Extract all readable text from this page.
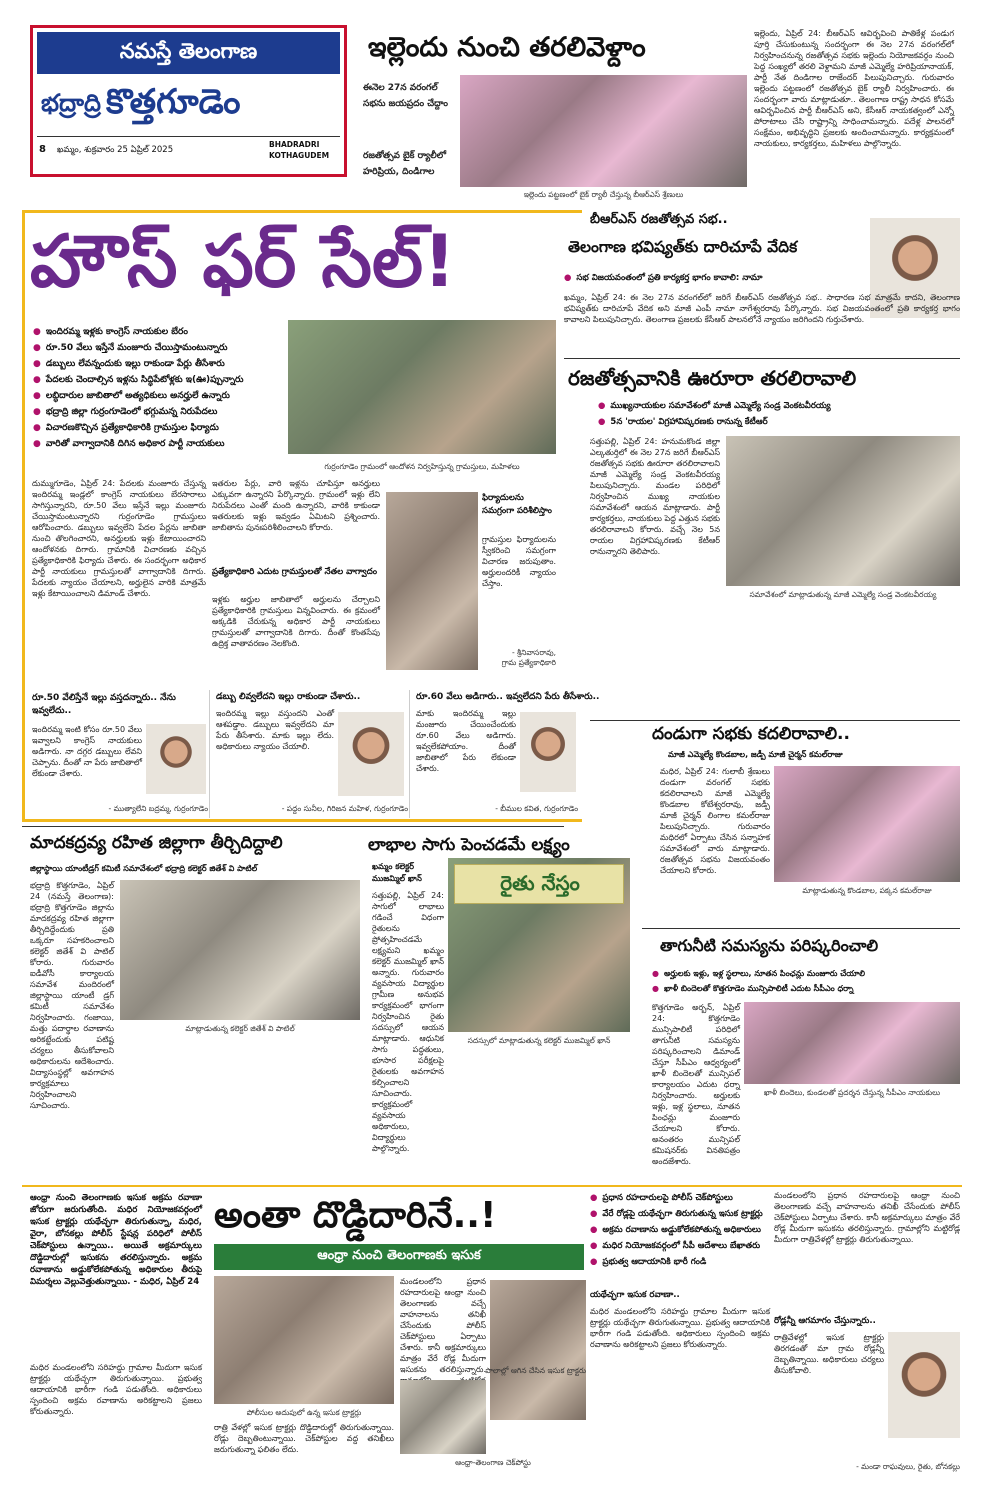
నమస్తే తెలంగాణ
భద్రాద్రి కొత్తగూడెం
8 ఖమ్మం, శుక్రవారం 25 ఏప్రిల్ 2025
BHADRADRI
KOTHAGUDEM
ఇల్లెందు నుంచి తరలివెళ్దాం
ఈనెల 27న వరంగల్ సభను జయప్రదం చేద్దాం
రజతోత్సవ బైక్ ర్యాలీలో హరిప్రియ, దిండిగాల
ఇల్లెందు పట్టణంలో బైక్ ర్యాలీ చేస్తున్న బీఆర్ఎస్ శ్రేణులు
ఇల్లెందు, ఏప్రిల్ 24: బీఆర్ఎస్ ఆవిర్భవించి పాతికేళ్ల పండుగ పూర్తి చేసుకుంటున్న సందర్భంగా ఈ నెల 27న వరంగల్‌లో నిర్వహించనున్న రజతోత్సవ సభకు ఇల్లెందు నియోజకవర్గం నుంచి పెద్ద సంఖ్యలో తరలి వెళ్దామని మాజీ ఎమ్మెల్యే హరిప్రియానాయక్, పార్టీ నేత దిండిగాల రాజేందర్ పిలుపునిచ్చారు. గురువారం ఇల్లెందు పట్టణంలో రజతోత్సవ బైక్ ర్యాలీ నిర్వహించారు. ఈ సందర్భంగా వారు మాట్లాడుతూ.. తెలంగాణ రాష్ట్ర సాధన కోసమే ఆవిర్భవించిన పార్టీ బీఆర్ఎస్ అని, కేసీఆర్ నాయకత్వంలో ఎన్నో పోరాటాలు చేసి రాష్ట్రాన్ని సాధించామన్నారు. పదేళ్ల పాలనలో సంక్షేమం, అభివృద్ధిని ప్రజలకు అందించామన్నారు. కార్యక్రమంలో నాయకులు, కార్యకర్తలు, మహిళలు పాల్గొన్నారు.
హౌస్ ఫర్ సేల్!
● ఇందిరమ్మ ఇళ్లకు కాంగ్రెస్ నాయకుల బేరం
● రూ.50 వేలు ఇస్తేనే మంజూరు చేయిస్తామంటున్నారు
● డబ్బులు లేవన్నందుకు ఇల్లు రాకుండా పేర్లు తీసేశారు
● పేదలకు చెందాల్సిన ఇళ్లను సిద్ధిపేటోళ్లకు ఇ(ఊ)ప్పున్నారు
● లబ్ధిదారుల జాబితాలో అత్యధికులు అనర్హులే ఉన్నారు
● భద్రాద్రి జిల్లా గుర్రంగూడెంలో భగ్గుమన్న నిరుపేదలు
● విచారణకొచ్చిన ప్రత్యేకాధికారికి గ్రామస్తుల ఫిర్యాదు
● వారితో వాగ్వాదానికి దిగిన అధికార పార్టీ నాయకులు
గుర్రంగూడెం గ్రామంలో ఆందోళన నిర్వహిస్తున్న గ్రామస్తులు, మహిళలు
దుమ్ముగూడెం, ఏప్రిల్ 24: పేదలకు మంజూరు చేస్తున్న ఇందిరమ్మ ఇండ్లలో కాంగ్రెస్ నాయకులు బేరసారాలు సాగిస్తున్నారని, రూ.50 వేలు ఇస్తేనే ఇల్లు మంజూరు చేయిస్తామంటున్నారని గుర్రంగూడెం గ్రామస్తులు ఆరోపించారు. డబ్బులు ఇవ్వలేని పేదల పేర్లను జాబితా నుంచి తొలగించారని, అనర్హులకు ఇళ్లు కేటాయించారని ఆందోళనకు దిగారు. గ్రామానికి విచారణకు వచ్చిన ప్రత్యేకాధికారికి ఫిర్యాదు చేశారు. ఈ సందర్భంగా అధికార పార్టీ నాయకులు గ్రామస్తులతో వాగ్వాదానికి దిగారు. పేదలకు న్యాయం చేయాలని, అర్హులైన వారికి మాత్రమే ఇళ్లు కేటాయించాలని డిమాండ్ చేశారు.
ఇతరుల పేర్లు, వారి ఇళ్లను చూపిస్తూ అనర్హులు ఎక్కువగా ఉన్నారని పేర్కొన్నారు. గ్రామంలో ఇళ్లు లేని నిరుపేదలు ఎంతో మంది ఉన్నారని, వారికి కాకుండా ఇతరులకు ఇళ్లు ఇవ్వడం ఏమిటని ప్రశ్నించారు. జాబితాను పునఃపరిశీలించాలని కోరారు.
ప్రత్యేకాధికారి ఎదుట గ్రామస్తులతో నేతల వాగ్వాదం
ఇళ్లకు అర్హుల జాబితాలో అర్హులను చేర్చాలని ప్రత్యేకాధికారికి గ్రామస్తులు విన్నవించారు. ఈ క్రమంలో అక్కడికి చేరుకున్న అధికార పార్టీ నాయకులు గ్రామస్తులతో వాగ్వాదానికి దిగారు. దీంతో కొంతసేపు ఉద్రిక్త వాతావరణం నెలకొంది.
ఫిర్యాదులను సమగ్రంగా పరిశీలిస్తాం
గ్రామస్తుల ఫిర్యాదులను స్వీకరించి సమగ్రంగా విచారణ జరుపుతాం. అర్హులందరికీ న్యాయం చేస్తాం.
- శ్రీనివాసరావు,
గ్రామ ప్రత్యేకాధికారి
రూ.50 వేలిస్తేనే ఇల్లు వస్తదన్నారు.. నేను ఇవ్వలేదు..
ఇందిరమ్మ ఇంటి కోసం రూ.50 వేలు ఇవ్వాలని కాంగ్రెస్ నాయకులు అడిగారు. నా దగ్గర డబ్బులు లేవని చెప్పాను. దీంతో నా పేరు జాబితాలో లేకుండా చేశారు.
- ముత్యాలేని బద్రమ్మ, గుర్రంగూడెం
డబ్బు లివ్వలేదని ఇల్లు రాకుండా చేశారు..
ఇందిరమ్మ ఇల్లు వస్తుందని ఎంతో ఆశపడ్డాం. డబ్బులు ఇవ్వలేదని మా పేరు తీసేశారు. మాకు ఇల్లు లేదు. అధికారులు న్యాయం చేయాలి.
- పద్దం సునీల, గిరిజన మహిళ, గుర్రంగూడెం
రూ.60 వేలు అడిగారు.. ఇవ్వలేదని పేరు తీసేశారు..
మాకు ఇందిరమ్మ ఇల్లు మంజూరు చేయించేందుకు రూ.60 వేలు అడిగారు. ఇవ్వలేకపోయాం. దీంతో జాబితాలో పేరు లేకుండా చేశారు.
- బీముల కవిత, గుర్రంగూడెం
బీఆర్ఎస్ రజతోత్సవ సభ..
తెలంగాణ భవిష్యత్‌కు దారిచూపే వేదిక
● సభ విజయవంతంలో ప్రతి కార్యకర్త భాగం కావాలి: నామా
ఖమ్మం, ఏప్రిల్ 24: ఈ నెల 27న వరంగల్‌లో జరిగే బీఆర్ఎస్ రజతోత్సవ సభ.. సాధారణ సభ మాత్రమే కాదని, తెలంగాణ భవిష్యత్‌కు దారిచూపే వేదిక అని మాజీ ఎంపీ నామా నాగేశ్వరరావు పేర్కొన్నారు. సభ విజయవంతంలో ప్రతి కార్యకర్త భాగం కావాలని పిలుపునిచ్చారు. తెలంగాణ ప్రజలకు కేసీఆర్ పాలనలోనే న్యాయం జరిగిందని గుర్తుచేశారు.
రజతోత్సవానికి ఊరూరా తరలిరావాలి
● ముఖ్యనాయకుల సమావేశంలో మాజీ ఎమ్మెల్యే సండ్ర వెంకటవీరయ్య
● 5న 'రాయల' విగ్రహావిష్కరణకు రానున్న కేటీఆర్
సత్తుపల్లి, ఏప్రిల్ 24: హనుమకొండ జిల్లా ఎల్కతుర్తిలో ఈ నెల 27న జరిగే బీఆర్ఎస్ రజతోత్సవ సభకు ఊరూరా తరలిరావాలని మాజీ ఎమ్మెల్యే సండ్ర వెంకటవీరయ్య పిలుపునిచ్చారు. మండల పరిధిలో నిర్వహించిన ముఖ్య నాయకుల సమావేశంలో ఆయన మాట్లాడారు. పార్టీ కార్యకర్తలు, నాయకులు పెద్ద ఎత్తున సభకు తరలిరావాలని కోరారు. వచ్చే నెల 5న రాయల విగ్రహావిష్కరణకు కేటీఆర్ రానున్నారని తెలిపారు.
సమావేశంలో మాట్లాడుతున్న మాజీ ఎమ్మెల్యే సండ్ర వెంకటవీరయ్య
దండుగా సభకు కదలిరావాలి..
మాజీ ఎమ్మెల్యే కొండబాల, జడ్పీ మాజీ చైర్మన్ కమల్‌రాజు
మధిర, ఏప్రిల్ 24: గులాబీ శ్రేణులు దండుగా వరంగల్ సభకు కదలిరావాలని మాజీ ఎమ్మెల్యే కొండబాల కోటేశ్వరరావు, జడ్పీ మాజీ చైర్మన్ లింగాల కమల్‌రాజు పిలుపునిచ్చారు. గురువారం మధిరలో ఏర్పాటు చేసిన సన్నాహక సమావేశంలో వారు మాట్లాడారు. రజతోత్సవ సభను విజయవంతం చేయాలని కోరారు.
మాట్లాడుతున్న కొండబాల, పక్కన కమల్‌రాజు
మాదకద్రవ్య రహిత జిల్లాగా తీర్చిదిద్దాలి
జిల్లాస్థాయి యాంటీడ్రగ్ కమిటీ సమావేశంలో భద్రాద్రి కలెక్టర్ జితేశ్ వి పాటిల్
భద్రాద్రి కొత్తగూడెం, ఏప్రిల్ 24 (నమస్తే తెలంగాణ): భద్రాద్రి కొత్తగూడెం జిల్లాను మాదకద్రవ్య రహిత జిల్లాగా తీర్చిదిద్దేందుకు ప్రతి ఒక్కరూ సహకరించాలని కలెక్టర్ జితేశ్ వి పాటిల్ కోరారు. గురువారం ఐడీవోసీ కార్యాలయ సమావేశ మందిరంలో జిల్లాస్థాయి యాంటీ డ్రగ్ కమిటీ సమావేశం నిర్వహించారు. గంజాయి, మత్తు పదార్థాల రవాణాను అరికట్టేందుకు పటిష్ట చర్యలు తీసుకోవాలని అధికారులను ఆదేశించారు. విద్యాసంస్థల్లో అవగాహన కార్యక్రమాలు నిర్వహించాలని సూచించారు.
మాట్లాడుతున్న కలెక్టర్ జితేశ్ వి పాటిల్
లాభాల సాగు పెంచడమే లక్ష్యం
ఖమ్మం కలెక్టర్
ముజమ్మిల్ ఖాన్
సత్తుపల్లి, ఏప్రిల్ 24: సాగులో లాభాలు గడించే విధంగా రైతులను ప్రోత్సహించడమే లక్ష్యమని ఖమ్మం కలెక్టర్ ముజమ్మిల్ ఖాన్ అన్నారు. గురువారం వ్యవసాయ విద్యార్థుల గ్రామీణ అనుభవ కార్యక్రమంలో భాగంగా నిర్వహించిన రైతు సదస్సులో ఆయన మాట్లాడారు. ఆధునిక సాగు పద్ధతులు, భూసార పరీక్షలపై రైతులకు అవగాహన కల్పించాలని సూచించారు. కార్యక్రమంలో వ్యవసాయ అధికారులు, విద్యార్థులు పాల్గొన్నారు.
రైతు నేస్తం
సదస్సులో మాట్లాడుతున్న కలెక్టర్ ముజమ్మిల్ ఖాన్
తాగునీటి సమస్యను పరిష్కరించాలి
● అర్హులకు ఇళ్లు, ఇళ్ల స్థలాలు, నూతన పింఛన్లు మంజూరు చేయాలి
● ఖాళీ బిందెలతో కొత్తగూడెం మున్సిపాలిటీ ఎదుట సీపీఎం ధర్నా
కొత్తగూడెం అర్బన్, ఏప్రిల్ 24: కొత్తగూడెం మున్సిపాలిటీ పరిధిలో తాగునీటి సమస్యను పరిష్కరించాలని డిమాండ్ చేస్తూ సీపీఎం ఆధ్వర్యంలో ఖాళీ బిందెలతో మున్సిపల్ కార్యాలయం ఎదుట ధర్నా నిర్వహించారు. అర్హులకు ఇళ్లు, ఇళ్ల స్థలాలు, నూతన పింఛన్లు మంజూరు చేయాలని కోరారు. అనంతరం మున్సిపల్ కమిషనర్‌కు వినతిపత్రం అందజేశారు.
ఖాళీ బిందెలు, కుండలతో ప్రదర్శన చేస్తున్న సీపీఎం నాయకులు
ఆంధ్రా నుంచి తెలంగాణకు ఇసుక అక్రమ రవాణా జోరుగా జరుగుతోంది. మధిర నియోజకవర్గంలో ఇసుక ట్రాక్టర్లు యథేచ్ఛగా తిరుగుతున్నా, మధిర, వైరా, బోనకల్లు పోలీస్ స్టేషన్ల పరిధిలో పోలీస్ చెక్‌పోస్టులు ఉన్నాయి.. అయితే అక్రమార్కులు దొడ్డిదారుల్లో ఇసుకను తరలిస్తున్నారు. అక్రమ రవాణాను అడ్డుకోలేకపోతున్న అధికారుల తీరుపై విమర్శలు వెల్లువెత్తుతున్నాయి. - మధిర, ఏప్రిల్ 24
అంతా దొడ్డిదారినే..!
ఆంధ్రా నుంచి తెలంగాణకు ఇసుక
● ప్రధాన రహదారులపై పోలీస్ చెక్‌పోస్టులు
● వేరే రోడ్లపై యథేచ్ఛగా తిరుగుతున్న ఇసుక ట్రాక్టర్లు
● అక్రమ రవాణాను అడ్డుకోలేకపోతున్న అధికారులు
● మధిర నియోజకవర్గంలో సీపీ ఆదేశాలు బేఖాతరు
● ప్రభుత్వ ఆదాయానికి భారీ గండి
మండలంలోని ప్రధాన రహదారులపై ఆంధ్రా నుంచి తెలంగాణకు వచ్చే వాహనాలను తనిఖీ చేసేందుకు పోలీస్ చెక్‌పోస్టులు ఏర్పాటు చేశారు. కానీ అక్రమార్కులు మాత్రం వేరే రోడ్ల మీదుగా ఇసుకను తరలిస్తున్నారు. గ్రామాల్లోని మట్టిరోడ్ల మీదుగా రాత్రివేళల్లో ట్రాక్టర్లు తిరుగుతున్నాయి.
పోలీసుల అదుపులో ఉన్న ఇసుక ట్రాక్టర్లు
మధిర మండలంలోని సరిహద్దు గ్రామాల మీదుగా ఇసుక ట్రాక్టర్లు యథేచ్ఛగా తిరుగుతున్నాయి. ప్రభుత్వ ఆదాయానికి భారీగా గండి పడుతోంది. అధికారులు స్పందించి అక్రమ రవాణాను అరికట్టాలని ప్రజలు కోరుతున్నారు.
రాత్రి వేళల్లో ఇసుక ట్రాక్టర్లు దొడ్డిదారుల్లో తిరుగుతున్నాయి. రోడ్లు దెబ్బతింటున్నాయి. చెక్‌పోస్టుల వద్ద తనిఖీలు జరుగుతున్నా ఫలితం లేదు.
మండలంలోని ప్రధాన రహదారులపై ఆంధ్రా నుంచి తెలంగాణకు వచ్చే వాహనాలను తనిఖీ చేసేందుకు పోలీస్ చెక్‌పోస్టులు ఏర్పాటు చేశారు. కానీ అక్రమార్కులు మాత్రం వేరే రోడ్ల మీదుగా ఇసుకను తరలిస్తున్నారు. పొలాల్లో ఆగిన చేసిన ఇసుక ట్రాక్టరు
ఆంధ్రా-తెలంగాణ చెక్‌పోస్టు
యథేచ్ఛగా ఇసుక రవాణా..
మధిర మండలంలోని సరిహద్దు గ్రామాల మీదుగా ఇసుక ట్రాక్టర్లు యథేచ్ఛగా తిరుగుతున్నాయి. ప్రభుత్వ ఆదాయానికి భారీగా గండి పడుతోంది. అధికారులు స్పందించి అక్రమ రవాణాను అరికట్టాలని ప్రజలు కోరుతున్నారు.
రోడ్లన్నీ ఆగమాగం చేస్తున్నారు..
రాత్రివేళల్లో ఇసుక ట్రాక్టర్లు తిరగడంతో మా గ్రామ రోడ్లన్నీ దెబ్బతిన్నాయి. అధికారులు చర్యలు తీసుకోవాలి.
- మండా రాఘవులు, రైతు, బోనకల్లు
